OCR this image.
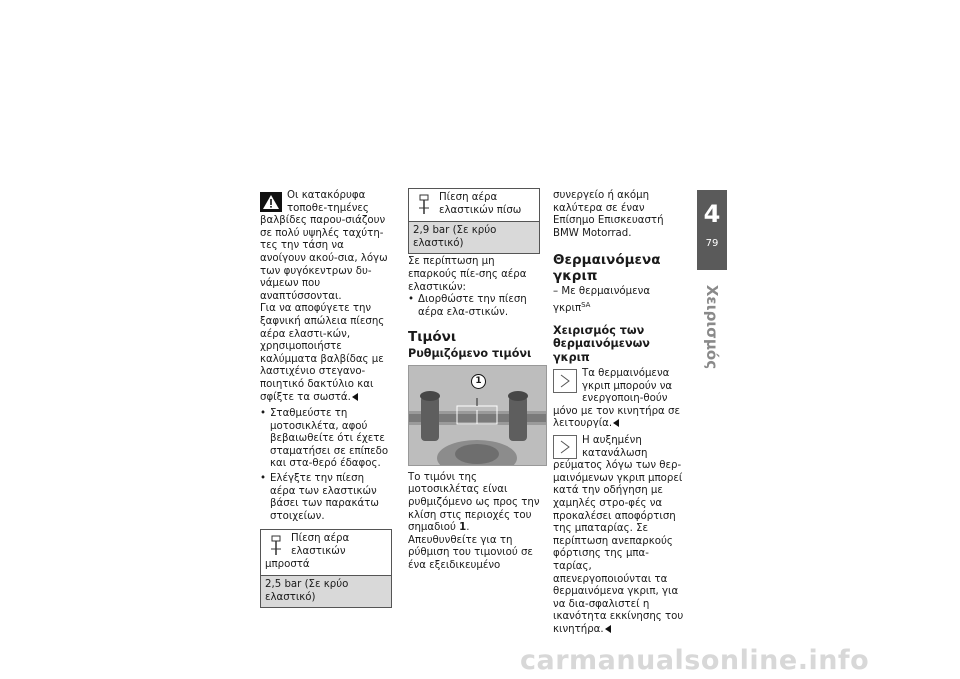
Οι κατακόρυφα τοποθε-τημένες βαλβίδες παρου-σιάζουν σε πολύ υψηλές ταχύτη-τες την τάση να ανοίγουν ακού-σια, λόγω των φυγόκεντρων δυ-νάμεων που αναπτύσσονται.

Για να αποφύγετε την ξαφνική απώλεια πίεσης αέρα ελαστι-κών, χρησιμοποιήστε καλύμματα βαλβίδας με λαστιχένιο στεγανο-ποιητικό δακτύλιο και σφίξτε τα σωστά.

• Σταθμεύστε τη μοτοσικλέτα, αφού βεβαιωθείτε ότι έχετε σταματήσει σε επίπεδο και στα-θερό έδαφος.
• Ελέγξτε την πίεση αέρα των ελαστικών βάσει των παρακάτω στοιχείων.
Πίεση αέρα ελαστικών μπροστά
2,5 bar (Σε κρύο ελαστικό)
Πίεση αέρα ελαστικών πίσω
2,9 bar (Σε κρύο ελαστικό)

Σε περίπτωση μη επαρκούς πίε-σης αέρα ελαστικών:

• Διορθώστε την πίεση αέρα ελα-στικών.
Τιμόνι
Ρυθμιζόμενο τιμόνι
1

Το τιμόνι της μοτοσικλέτας είναι ρυθμιζόμενο ως προς την κλίση στις περιοχές του σημαδιού 1. Απευθυνθείτε για τη ρύθμιση του τιμονιού σε ένα εξειδικευμένο

συνεργείο ή ακόμη καλύτερα σε έναν Επίσημο Επισκευαστή BMW Motorrad.

Θερμαινόμενα γκριπ

– Με θερμαινόμενα γκριπ$^{SA}$

Χειρισμός των θερμαινόμενων γκριπ

Τα θερμαινόμενα γκριπ μπορούν να ενεργοποιη-θούν μόνο με τον κινητήρα σε λειτουργία.

Η αυξημένη κατανάλωση ρεύματος λόγω των θερ-μαινόμενων γκριπ μπορεί κατά την οδήγηση με χαμηλές στρο-φές να προκαλέσει αποφόρτιση της μπαταρίας. Σε περίπτωση ανεπαρκούς φόρτισης της μπα-ταρίας, απενεργοποιούνται τα θερμαινόμενα γκριπ, για να δια-σφαλιστεί η ικανότητα εκκίνησης του κινητήρα.

4
79
Χειρισμός
carmanualsonline.info
